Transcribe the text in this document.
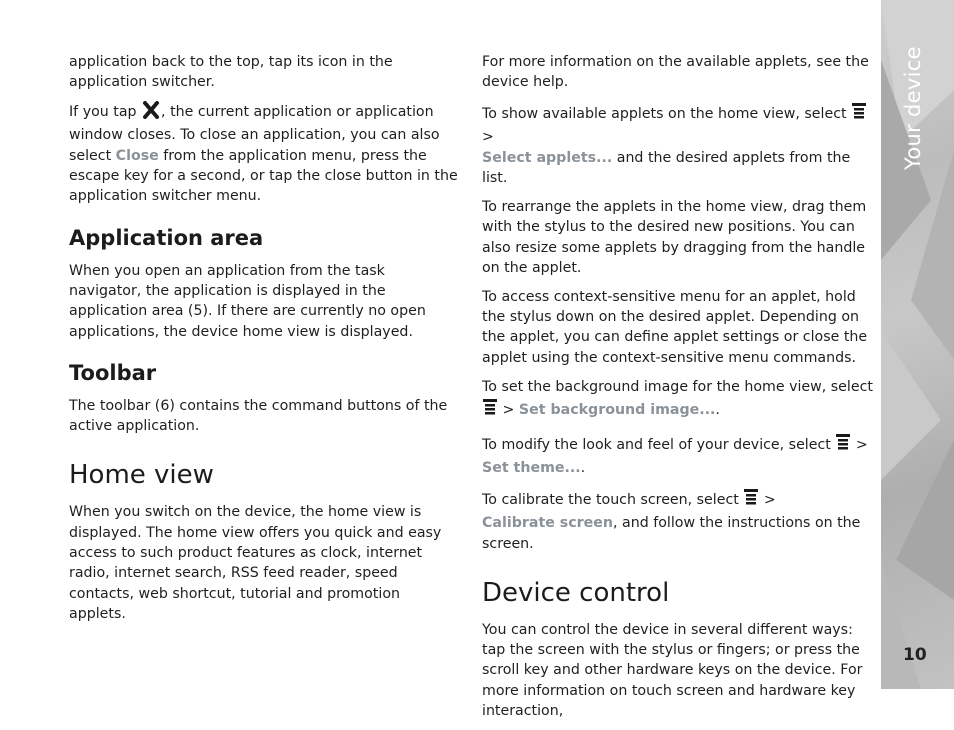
application back to the top, tap its icon in the application switcher.

If you tap , the current application or application window closes. To close an application, you can also select Close from the application menu, press the escape key for a second, or tap the close button in the application switcher menu.

Application area

When you open an application from the task navigator, the application is displayed in the application area (5). If there are currently no open applications, the device home view is displayed.

Toolbar

The toolbar (6) contains the command buttons of the active application.

Home view

When you switch on the device, the home view is displayed. The home view offers you quick and easy access to such product features as clock, internet radio, internet search, RSS feed reader, speed contacts, web shortcut, tutorial and promotion applets.

For more information on the available applets, see the device help.

To show available applets on the home view, select  >
Select applets... and the desired applets from the list.

To rearrange the applets in the home view, drag them with the stylus to the desired new positions. You can also resize some applets by dragging from the handle on the applet.

To access context-sensitive menu for an applet, hold the stylus down on the desired applet. Depending on the applet, you can define applet settings or close the applet using the context-sensitive menu commands.

To set the background image for the home view, select
> Set background image....

To modify the look and feel of your device, select  >
Set theme....

To calibrate the touch screen, select  >
Calibrate screen, and follow the instructions on the screen.

Device control

You can control the device in several different ways: tap the screen with the stylus or fingers; or press the scroll key and other hardware keys on the device. For more information on touch screen and hardware key interaction,

Your device
10
